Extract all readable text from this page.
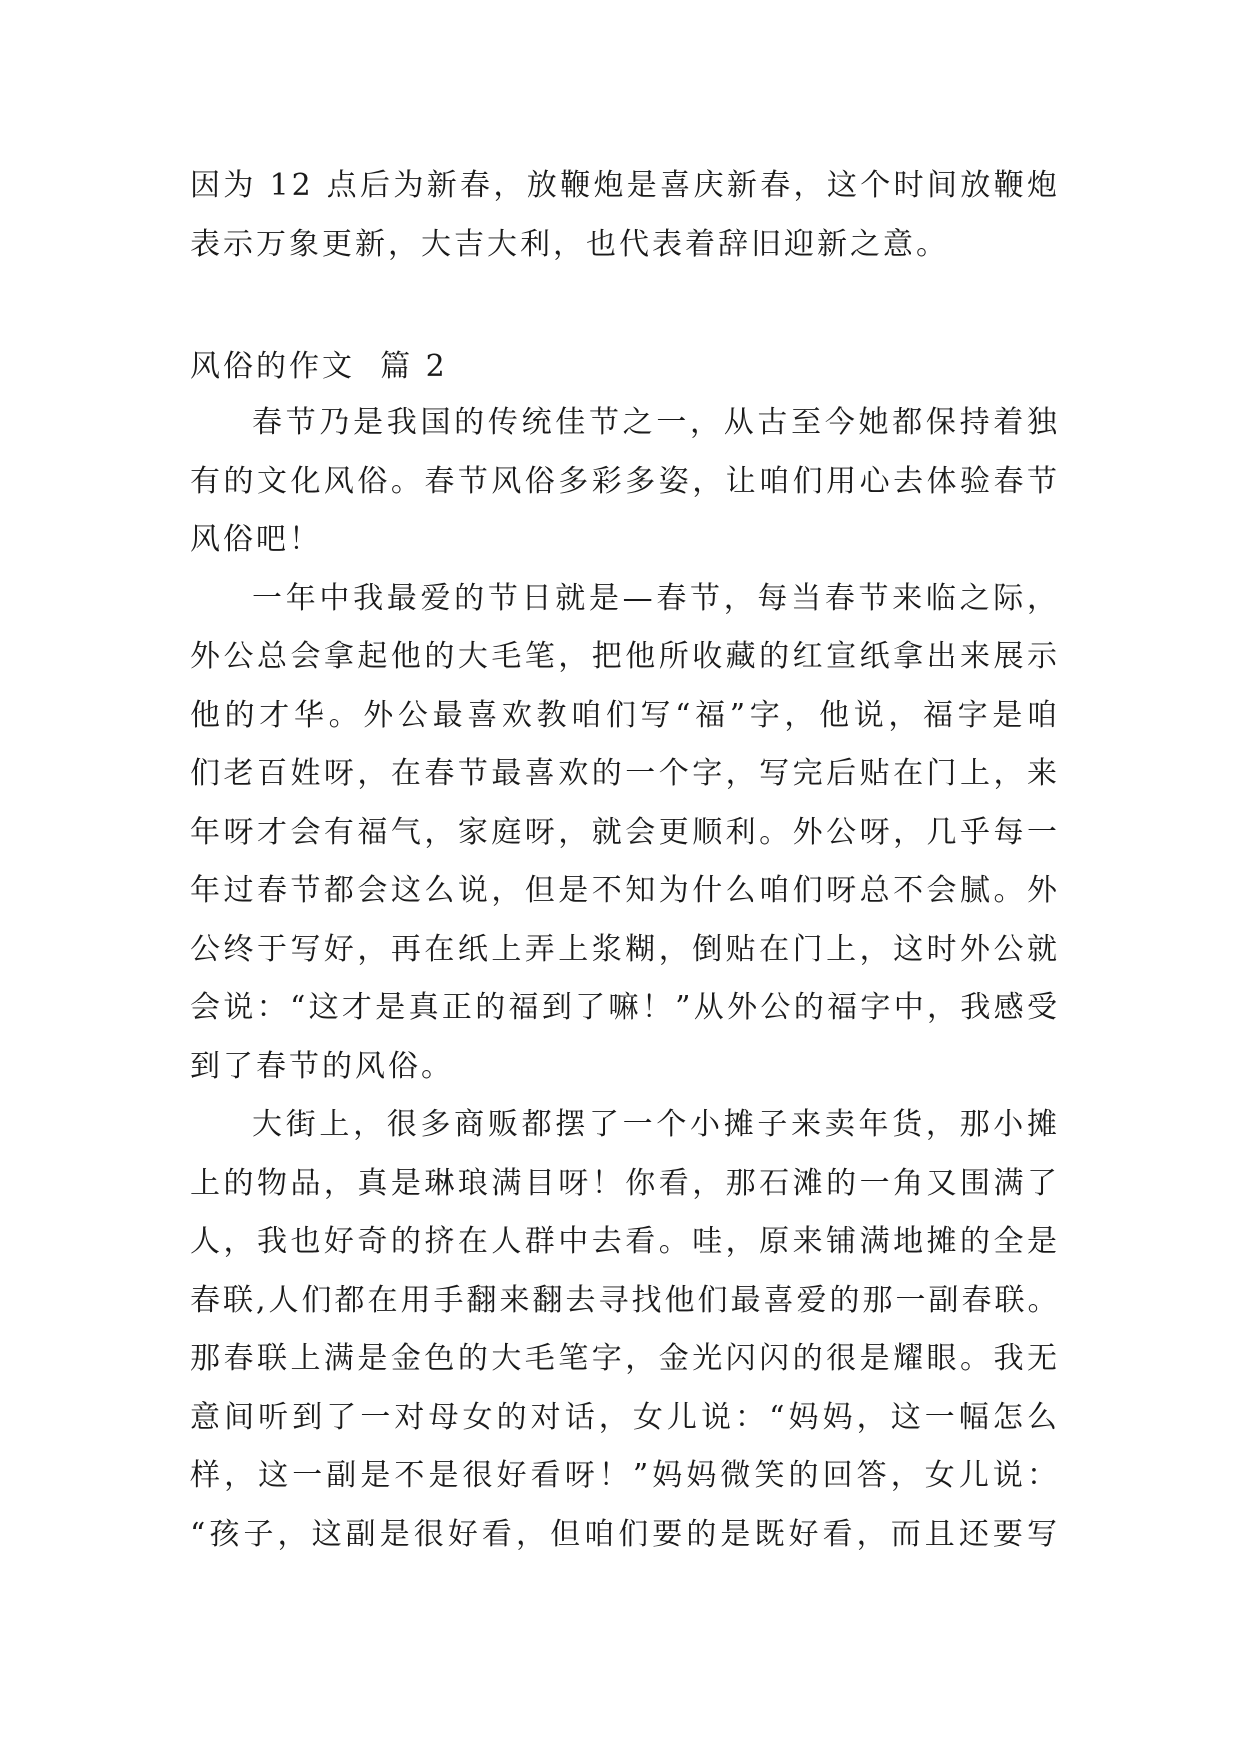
因为 12 点后为新春，放鞭炮是喜庆新春，这个时间放鞭炮
表示万象更新，大吉大利，也代表着辞旧迎新之意。
风俗的作文  篇 2
春节乃是我国的传统佳节之一，从古至今她都保持着独
有的文化风俗。春节风俗多彩多姿，让咱们用心去体验春节
风俗吧！
一年中我最爱的节日就是—春节，每当春节来临之际，
外公总会拿起他的大毛笔，把他所收藏的红宣纸拿出来展示
他的才华。外公最喜欢教咱们写“福”字，他说，福字是咱
们老百姓呀，在春节最喜欢的一个字，写完后贴在门上，来
年呀才会有福气，家庭呀，就会更顺利。外公呀，几乎每一
年过春节都会这么说，但是不知为什么咱们呀总不会腻。外
公终于写好，再在纸上弄上浆糊，倒贴在门上，这时外公就
会说：“这才是真正的福到了嘛！”从外公的福字中，我感受
到了春节的风俗。
大街上，很多商贩都摆了一个小摊子来卖年货，那小摊
上的物品，真是琳琅满目呀！你看，那石滩的一角又围满了
人，我也好奇的挤在人群中去看。哇，原来铺满地摊的全是
春联,人们都在用手翻来翻去寻找他们最喜爱的那一副春联。
那春联上满是金色的大毛笔字，金光闪闪的很是耀眼。我无
意间听到了一对母女的对话，女儿说：“妈妈，这一幅怎么
样，这一副是不是很好看呀！”妈妈微笑的回答，女儿说：
“孩子，这副是很好看，但咱们要的是既好看，而且还要写
